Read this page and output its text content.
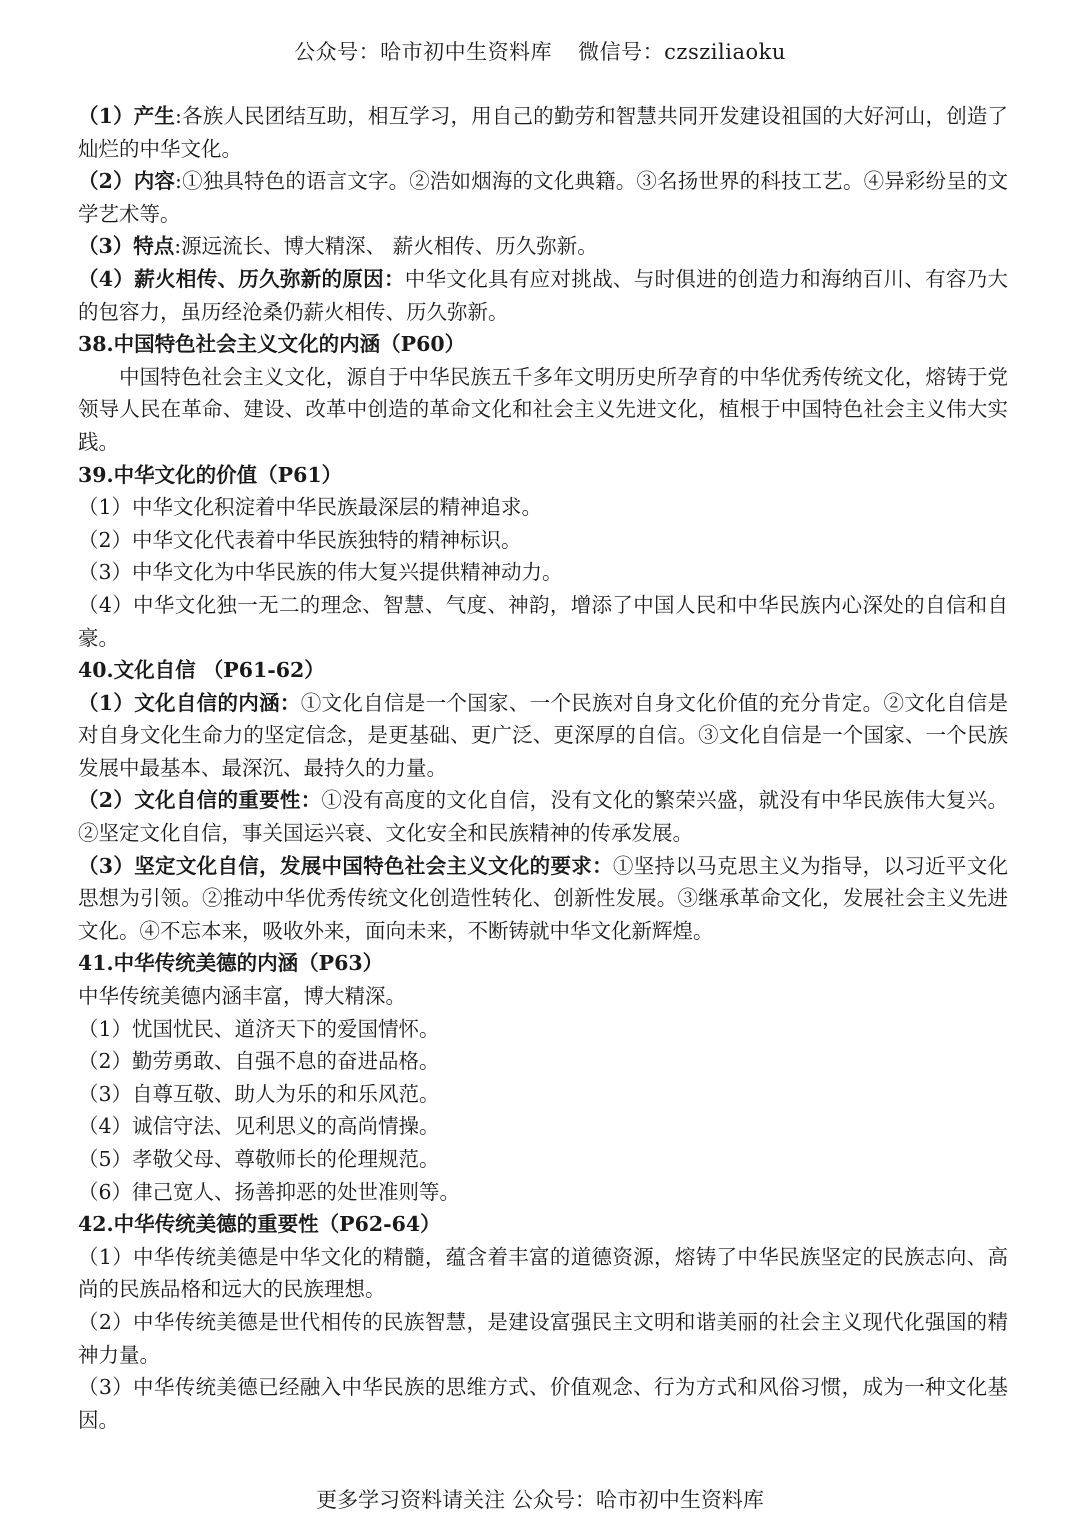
公众号：哈市初中生资料库 微信号：czsziliaoku

（1）产生:各族人民团结互助，相互学习，用自己的勤劳和智慧共同开发建设祖国的大好河山，创造了灿烂的中华文化。

（2）内容:①独具特色的语言文字。②浩如烟海的文化典籍。③名扬世界的科技工艺。④异彩纷呈的文学艺术等。

（3）特点:源远流长、博大精深、 薪火相传、历久弥新。

（4）薪火相传、历久弥新的原因：中华文化具有应对挑战、与时俱进的创造力和海纳百川、有容乃大的包容力，虽历经沧桑仍薪火相传、历久弥新。

38.中国特色社会主义文化的内涵（P60）

中国特色社会主义文化，源自于中华民族五千多年文明历史所孕育的中华优秀传统文化，熔铸于党领导人民在革命、建设、改革中创造的革命文化和社会主义先进文化，植根于中国特色社会主义伟大实践。

39.中华文化的价值（P61）

（1）中华文化积淀着中华民族最深层的精神追求。

（2）中华文化代表着中华民族独特的精神标识。

（3）中华文化为中华民族的伟大复兴提供精神动力。

（4）中华文化独一无二的理念、智慧、气度、神韵，增添了中国人民和中华民族内心深处的自信和自豪。

40.文化自信 （P61-62）

（1）文化自信的内涵：①文化自信是一个国家、一个民族对自身文化价值的充分肯定。②文化自信是对自身文化生命力的坚定信念，是更基础、更广泛、更深厚的自信。③文化自信是一个国家、一个民族发展中最基本、最深沉、最持久的力量。

（2）文化自信的重要性：①没有高度的文化自信，没有文化的繁荣兴盛，就没有中华民族伟大复兴。②坚定文化自信，事关国运兴衰、文化安全和民族精神的传承发展。

（3）坚定文化自信，发展中国特色社会主义文化的要求：①坚持以马克思主义为指导，以习近平文化思想为引领。②推动中华优秀传统文化创造性转化、创新性发展。③继承革命文化，发展社会主义先进文化。④不忘本来，吸收外来，面向未来，不断铸就中华文化新辉煌。

41.中华传统美德的内涵（P63）

中华传统美德内涵丰富，博大精深。

（1）忧国忧民、道济天下的爱国情怀。

（2）勤劳勇敢、自强不息的奋进品格。

（3）自尊互敬、助人为乐的和乐风范。

（4）诚信守法、见利思义的高尚情操。

（5）孝敬父母、尊敬师长的伦理规范。

（6）律己宽人、扬善抑恶的处世准则等。

42.中华传统美德的重要性（P62-64）

（1）中华传统美德是中华文化的精髓，蕴含着丰富的道德资源，熔铸了中华民族坚定的民族志向、高尚的民族品格和远大的民族理想。

（2）中华传统美德是世代相传的民族智慧，是建设富强民主文明和谐美丽的社会主义现代化强国的精神力量。

（3）中华传统美德已经融入中华民族的思维方式、价值观念、行为方式和风俗习惯，成为一种文化基因。

更多学习资料请关注 公众号：哈市初中生资料库
